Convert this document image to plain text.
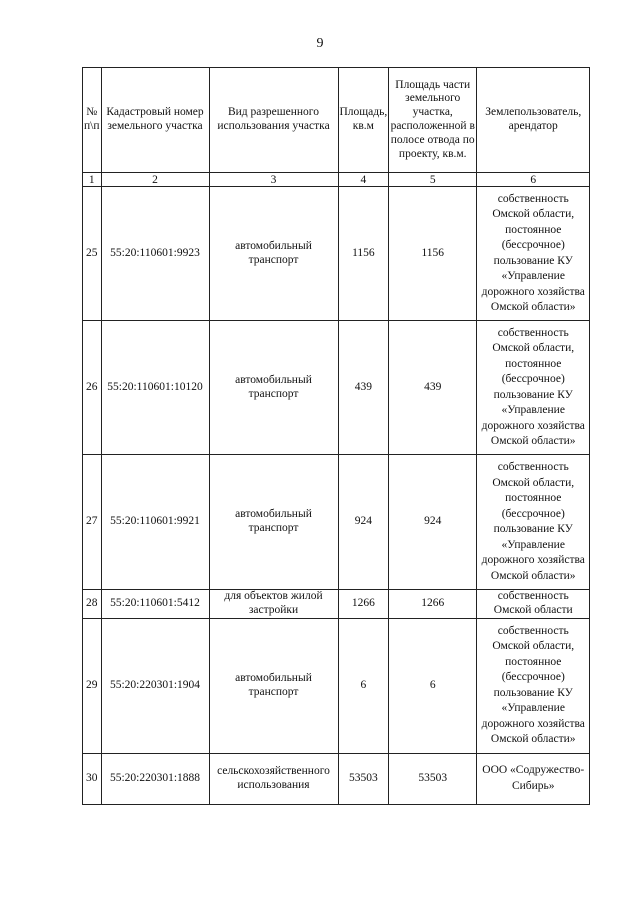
9
№ п\п	Кадастровый номер земельного участка	Вид разрешенного использования участка	Площадь, кв.м	Площадь части земельного участка, расположенной в полосе отвода по проекту, кв.м.	Землепользователь, арендатор
1	2	3	4	5	6
25	55:20:110601:9923	автомобильный транспорт	1156	1156	собственность Омской области, постоянное (бессрочное) пользование КУ «Управление дорожного хозяйства Омской области»
26	55:20:110601:10120	автомобильный транспорт	439	439	собственность Омской области, постоянное (бессрочное) пользование КУ «Управление дорожного хозяйства Омской области»
27	55:20:110601:9921	автомобильный транспорт	924	924	собственность Омской области, постоянное (бессрочное) пользование КУ «Управление дорожного хозяйства Омской области»
28	55:20:110601:5412	для объектов жилой застройки	1266	1266	собственность Омской области
29	55:20:220301:1904	автомобильный транспорт	6	6	собственность Омской области, постоянное (бессрочное) пользование КУ «Управление дорожного хозяйства Омской области»
30	55:20:220301:1888	сельскохозяйственного использования	53503	53503	ООО «Содружество-Сибирь»
